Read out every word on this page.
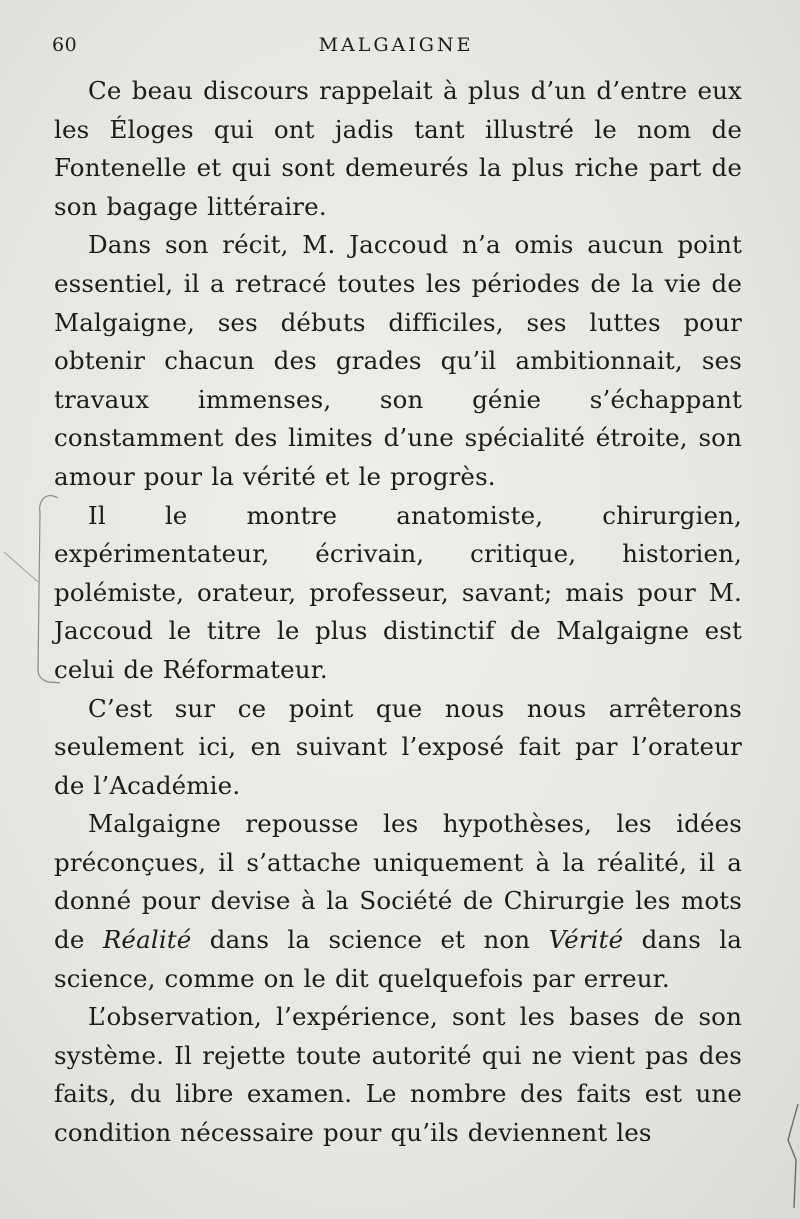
60	MALGAIGNE

Ce beau discours rappelait à plus d’un d’entre eux les Éloges qui ont jadis tant illustré le nom de Fontenelle et qui sont demeurés la plus riche part de son bagage littéraire.

Dans son récit, M. Jaccoud n’a omis aucun point essentiel, il a retracé toutes les périodes de la vie de Malgaigne, ses débuts difficiles, ses luttes pour obtenir chacun des grades qu’il ambitionnait, ses travaux immenses, son génie s’échappant constamment des limites d’une spécialité étroite, son amour pour la vérité et le progrès.

Il le montre anatomiste, chirurgien, expérimentateur, écrivain, critique, historien, polémiste, orateur, professeur, savant; mais pour M. Jaccoud le titre le plus distinctif de Malgaigne est celui de Réformateur.

C’est sur ce point que nous nous arrêterons seulement ici, en suivant l’exposé fait par l’orateur de l’Académie.

Malgaigne repousse les hypothèses, les idées préconçues, il s’attache uniquement à la réalité, il a donné pour devise à la Société de Chirurgie les mots de Réalité dans la science et non Vérité dans la science, comme on le dit quelquefois par erreur.

L’observation, l’expérience, sont les bases de son système. Il rejette toute autorité qui ne vient pas des faits, du libre examen. Le nombre des faits est une condition nécessaire pour qu’ils deviennent les
